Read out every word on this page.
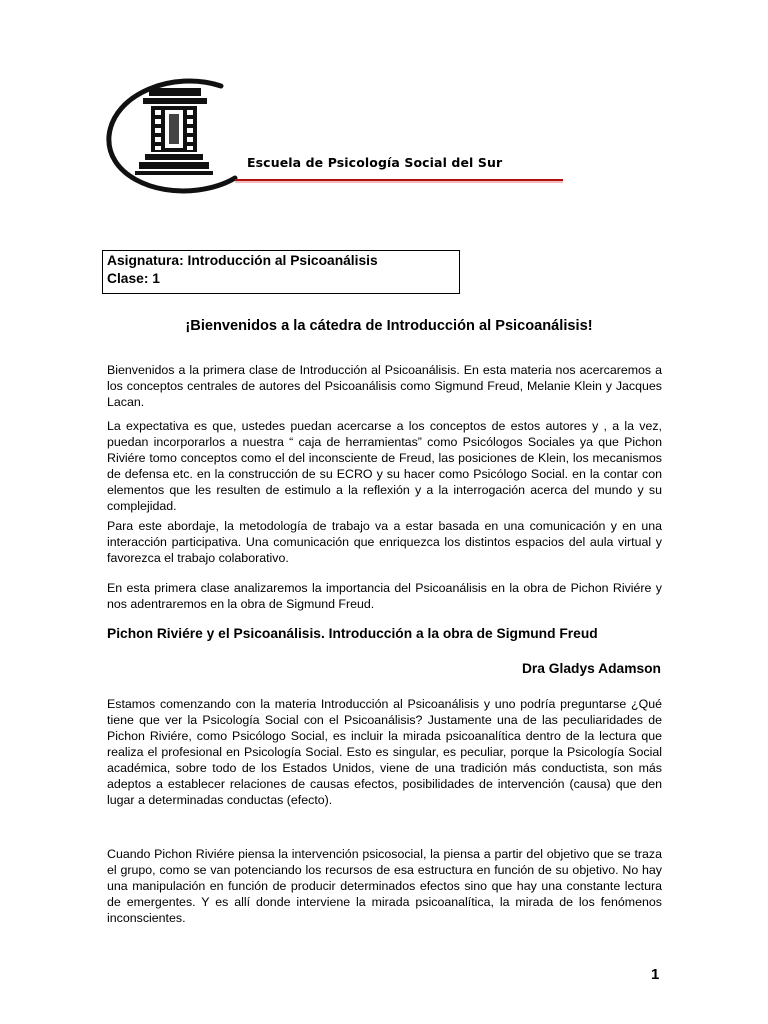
Escuela de Psicología Social del Sur
Asignatura: Introducción al Psicoanálisis
Clase: 1
¡Bienvenidos a la cátedra de Introducción al Psicoanálisis!
Bienvenidos a la primera clase de Introducción al Psicoanálisis. En esta materia nos acercaremos a los conceptos centrales de autores del Psicoanálisis como Sigmund Freud, Melanie Klein y Jacques Lacan.
La expectativa es que, ustedes puedan acercarse a los conceptos de estos autores y , a la vez, puedan incorporarlos a nuestra “ caja de herramientas” como Psicólogos Sociales ya que Pichon Riviére tomo conceptos como el del inconsciente de Freud, las posiciones de Klein, los mecanismos de defensa etc. en la construcción de su ECRO y su hacer como Psicólogo Social. en la contar con elementos que les resulten de estimulo a la reflexión y a la interrogación acerca del mundo y su complejidad.
Para este abordaje, la metodología de trabajo va a estar basada en una comunicación y en una interacción participativa. Una comunicación que enriquezca los distintos espacios del aula virtual y favorezca el trabajo colaborativo.
En esta primera clase analizaremos la importancia del Psicoanálisis en la obra de Pichon Riviére y nos adentraremos en la obra de Sigmund Freud.
Pichon Riviére y el Psicoanálisis. Introducción a la obra de Sigmund Freud
Dra Gladys Adamson
Estamos comenzando con la materia Introducción al Psicoanálisis y uno podría preguntarse ¿Qué tiene que ver la Psicología Social con el Psicoanálisis? Justamente una de las peculiaridades de Pichon Riviére, como Psicólogo Social, es incluir la mirada psicoanalítica dentro de la lectura que realiza el profesional en Psicología Social. Esto es singular, es peculiar, porque la Psicología Social académica, sobre todo de los Estados Unidos, viene de una tradición más conductista, son más adeptos a establecer relaciones de causas efectos, posibilidades de intervención (causa) que den lugar a determinadas conductas (efecto).
Cuando Pichon Riviére piensa la intervención psicosocial, la piensa a partir del objetivo que se traza el grupo, como se van potenciando los recursos de esa estructura en función de su objetivo. No hay una manipulación en función de producir determinados efectos sino que hay una constante lectura de emergentes. Y es allí donde interviene la mirada psicoanalítica, la mirada de los fenómenos inconscientes.
1
